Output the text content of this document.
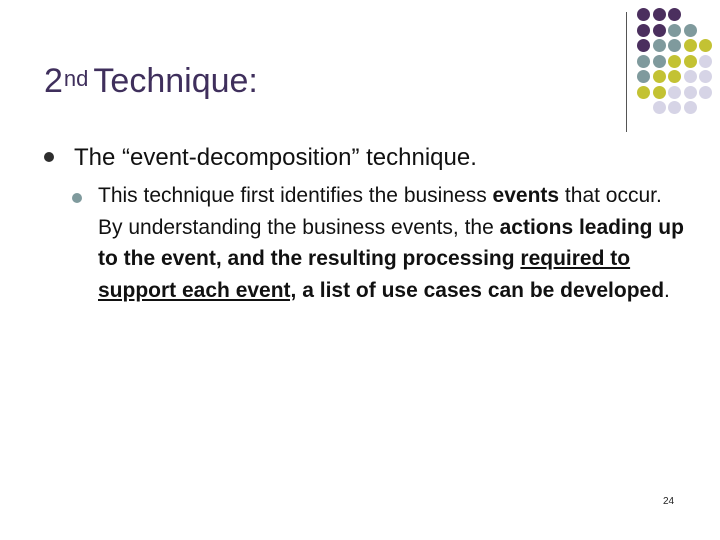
2nd Technique:
The “event-decomposition” technique.
This technique first identifies the business events that occur. By understanding the business events, the actions leading up to the event, and the resulting processing required to support each event, a list of use cases can be developed.
24
